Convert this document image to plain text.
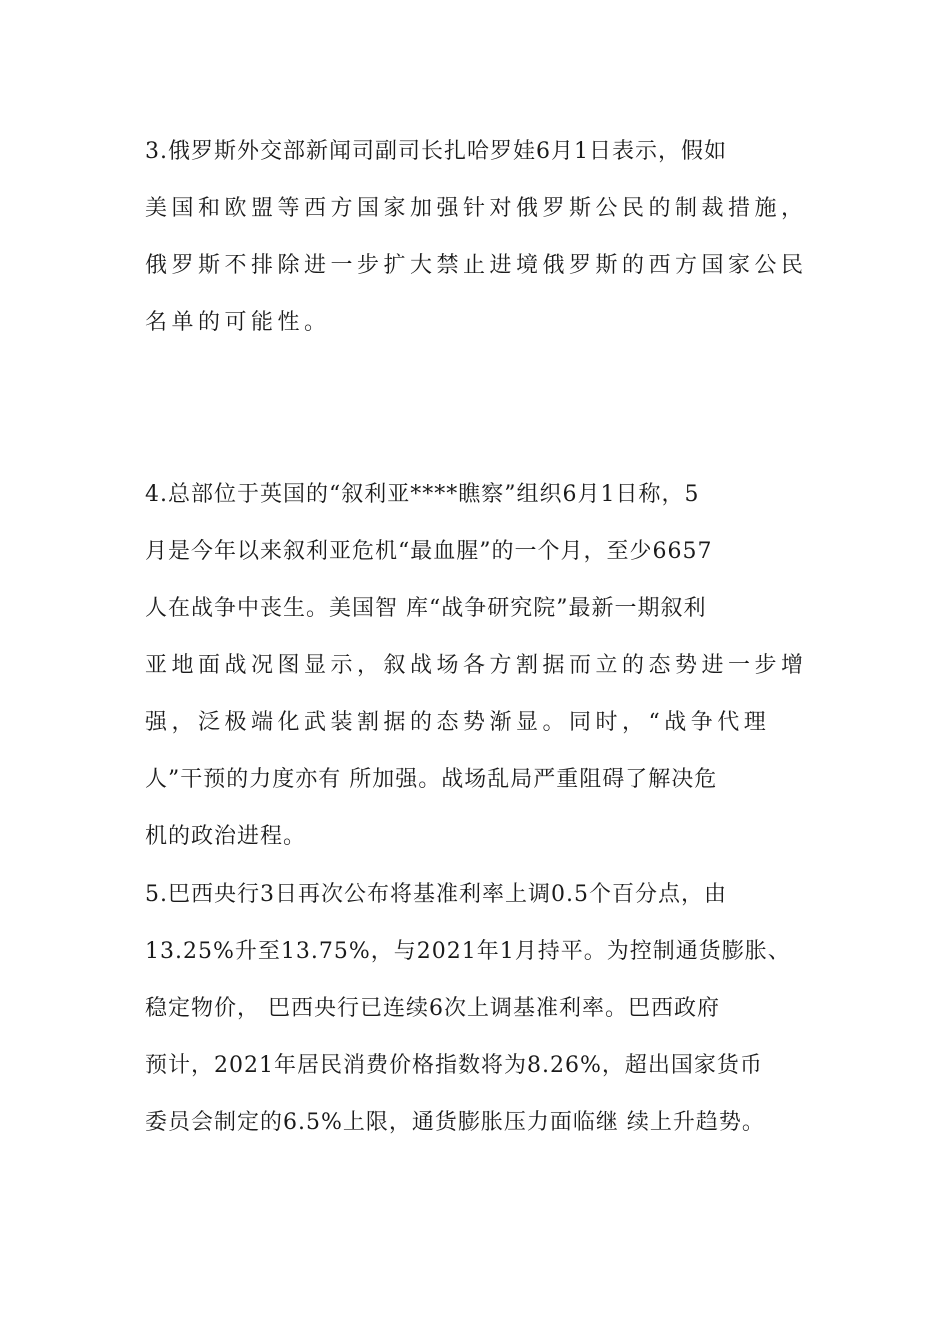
3.俄罗斯外交部新闻司副司长扎哈罗娃6月1日表示，假如
美国和欧盟等西方国家加强针对俄罗斯公民的制裁措施，
俄罗斯不排除进一步扩大禁止进境俄罗斯的西方国家公民
名单的可能性。
4.总部位于英国的“叙利亚****瞧察”组织6月1日称，5
月是今年以来叙利亚危机“最血腥”的一个月，至少6657
人在战争中丧生。美国智 库“战争研究院”最新一期叙利
亚地面战况图显示，叙战场各方割据而立的态势进一步增
强，泛极端化武装割据的态势渐显。同时，“战争代理
人”干预的力度亦有 所加强。战场乱局严重阻碍了解决危
机的政治进程。
5.巴西央行3日再次公布将基准利率上调0.5个百分点，由
13.25%升至13.75%，与2021年1月持平。为控制通货膨胀、
稳定物价， 巴西央行已连续6次上调基准利率。巴西政府
预计，2021年居民消费价格指数将为8.26%，超出国家货币
委员会制定的6.5%上限，通货膨胀压力面临继 续上升趋势。
